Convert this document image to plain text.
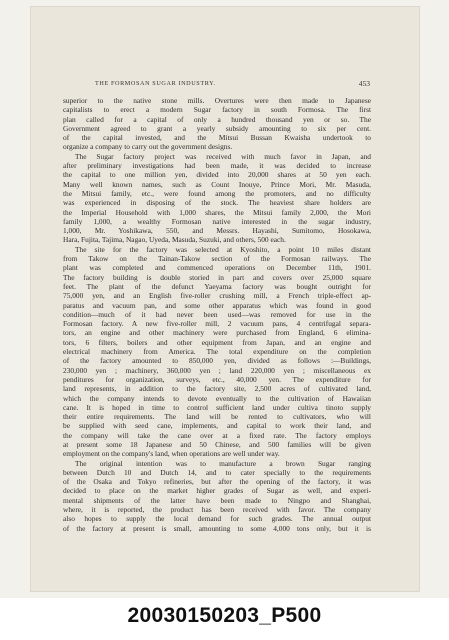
THE FORMOSAN SUGAR INDUSTRY.	453

superior to the native stone mills. Overtures were then made to Japanese

capitalists to erect a modern Sugar factory in south Formosa. The first

plan called for a capital of only a hundred thousand yen or so. The

Government agreed to grant a yearly subsidy amounting to six per cent.

of the capital invested, and the Mitsui Bussan Kwaisha undertook to

organize a company to carry out the government designs.

The Sugar factory project was received with much favor in Japan, and

after preliminary investigations had been made, it was decided to increase

the capital to one million yen, divided into 20,000 shares at 50 yen each.

Many well known names, such as Count Inouye, Prince Mori, Mr. Masuda,

the Mitsui family, etc., were found among the promoters, and no difficulty

was experienced in disposing of the stock. The heaviest share holders are

the Imperial Household with 1,000 shares, the Mitsui family 2,000, the Mori

family 1,000, a wealthy Formosan native interested in the sugar industry,

1,000, Mr. Yoshikawa, 550, and Messrs. Hayashi, Sumitomo, Hosokawa,

Hara, Fujita, Tajima, Nagao, Uyeda, Masuda, Suzuki, and others, 500 each.

The site for the factory was selected at Kyoshito, a point 10 miles distant

from Takow on the Tainan-Takow section of the Formosan railways. The

plant was completed and commenced operations on December 11th, 1901.

The factory building is double storied in part and covers over 25,000 square

feet. The plant of the defunct Yaeyama factory was bought outright for

75,000 yen, and an English five-roller crushing mill, a French triple-effect ap-

paratus and vacuum pan, and some other apparatus which was found in good

condition—much of it had never been used—was removed for use in the

Formosan factory. A new five-roller mill, 2 vacuum pans, 4 centrifugal separa-

tors, an engine and other machinery were purchased from England, 6 elimina-

tors, 6 filters, boilers and other equipment from Japan, and an engine and

electrical machinery from America. The total expenditure on the completion

of the factory amounted to 850,000 yen, divided as follows :—Buildings,

230,000 yen ; machinery, 360,000 yen ; land 220,000 yen ; miscellaneous ex

penditures for organization, surveys, etc., 40,000 yen. The expenditure for

land represents, in addition to the factory site, 2,500 acres of cultivated land,

which the company intends to devote eventually to the cultivation of Hawaiian

cane. It is hoped in time to control sufficient land under cultiva tinoto supply

their entire requirements. The land will be rented to cultivators, who will

be supplied with seed cane, implements, and capital to work their land, and

the company will take the cane over at a fixed rate. The factory employs

at present some 18 Japanese and 50 Chinese, and 500 families will be given

employment on the company's land, when operations are well under way.

The original intention was to manufacture a brown Sugar ranging

between Dutch 10 and Dutch 14, and to cater specially to the requirements

of the Osaka and Tokyo refineries, but after the opening of the factory, it was

decided to place on the market higher grades of Sugar as well, and experi-

mental shipments of the latter have been made to Ningpo and Shanghai,

where, it is reported, the product has been received with favor. The company

also hopes to supply the local demand for such grades. The annual output

of the factory at present is small, amounting to some 4,000 tons only, but it is

20030150203_P500
